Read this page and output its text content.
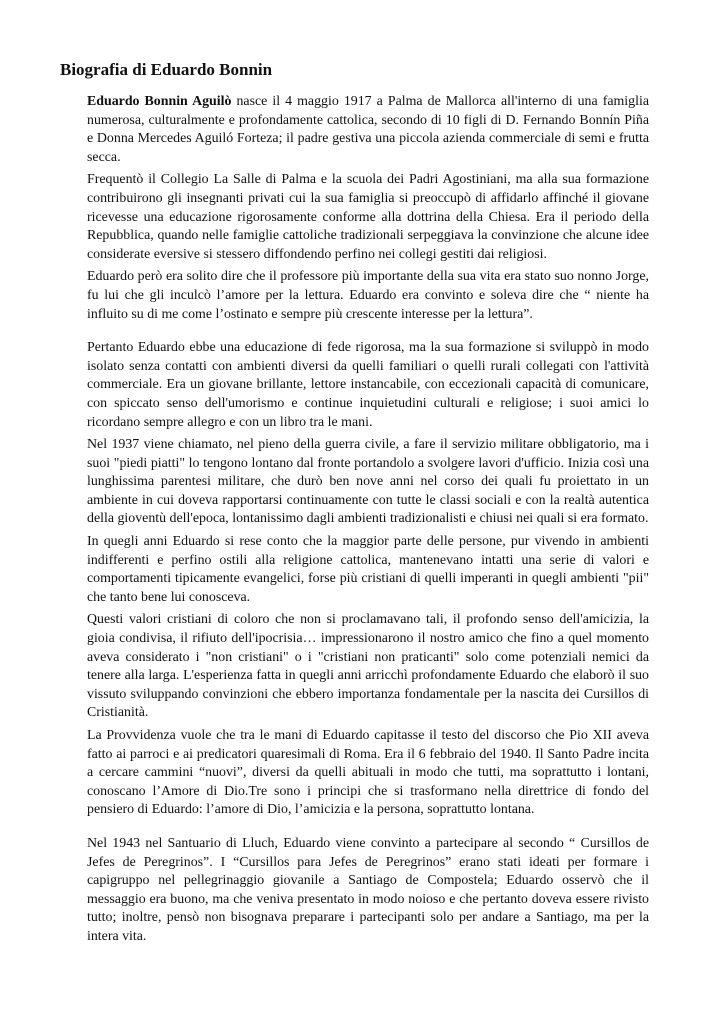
Biografia di Eduardo Bonnin

Eduardo Bonnin Aguilò nasce il 4 maggio 1917 a Palma de Mallorca all'interno di una famiglia numerosa, culturalmente e profondamente cattolica, secondo di 10 figli di D. Fernando Bonnín Piña e Donna Mercedes Aguiló Forteza; il padre gestiva una piccola azienda commerciale di semi e frutta secca.

Frequentò il Collegio La Salle di Palma e la scuola dei Padri Agostiniani, ma alla sua formazione contribuirono gli insegnanti privati cui la sua famiglia si preoccupò di affidarlo affinché il giovane ricevesse una educazione rigorosamente conforme alla dottrina della Chiesa. Era il periodo della Repubblica, quando nelle famiglie cattoliche tradizionali serpeggiava la convinzione che alcune idee considerate eversive si stessero diffondendo perfino nei collegi gestiti dai religiosi.

Eduardo però era solito dire che il professore più importante della sua vita era stato suo nonno Jorge, fu lui che gli inculcò l’amore per la lettura. Eduardo era convinto e soleva dire che “ niente ha influito su di me come l’ostinato e sempre più crescente interesse per la lettura”.

Pertanto Eduardo ebbe una educazione di fede rigorosa, ma la sua formazione si sviluppò in modo isolato senza contatti con ambienti diversi da quelli familiari o quelli rurali collegati con l'attività commerciale. Era un giovane brillante, lettore instancabile, con eccezionali capacità di comunicare, con spiccato senso dell'umorismo e continue inquietudini culturali e religiose; i suoi amici lo ricordano sempre allegro e con un libro tra le mani.

Nel 1937 viene chiamato, nel pieno della guerra civile, a fare il servizio militare obbligatorio, ma i suoi "piedi piatti" lo tengono lontano dal fronte portandolo a svolgere lavori d'ufficio. Inizia così una lunghissima parentesi militare, che durò ben nove anni nel corso dei quali fu proiettato in un ambiente in cui doveva rapportarsi continuamente con tutte le classi sociali e con la realtà autentica della gioventù dell'epoca, lontanissimo dagli ambienti tradizionalisti e chiusi nei quali si era formato.

In quegli anni Eduardo si rese conto che la maggior parte delle persone, pur vivendo in ambienti indifferenti e perfino ostili alla religione cattolica, mantenevano intatti una serie di valori e comportamenti tipicamente evangelici, forse più cristiani di quelli imperanti in quegli ambienti "pii" che tanto bene lui conosceva.

Questi valori cristiani di coloro che non si proclamavano tali, il profondo senso dell'amicizia, la gioia condivisa, il rifiuto dell'ipocrisia… impressionarono il nostro amico che fino a quel momento aveva considerato i "non cristiani" o i "cristiani non praticanti" solo come potenziali nemici da tenere alla larga. L'esperienza fatta in quegli anni arricchì profondamente Eduardo che elaborò il suo vissuto sviluppando convinzioni che ebbero importanza fondamentale per la nascita dei Cursillos di Cristianità.

La Provvidenza vuole che tra le mani di Eduardo capitasse il testo del discorso che Pio XII aveva fatto ai parroci e ai predicatori quaresimali di Roma. Era il 6 febbraio del 1940. Il Santo Padre incita a cercare cammini “nuovi”, diversi da quelli abituali in modo che tutti, ma soprattutto i lontani, conoscano l’Amore di Dio.Tre sono i principi che si trasformano nella direttrice di fondo del pensiero di Eduardo: l’amore di Dio, l’amicizia e la persona, soprattutto lontana.

Nel 1943 nel Santuario di Lluch, Eduardo viene convinto a partecipare al secondo “ Cursillos de Jefes de Peregrinos”. I “Cursillos para Jefes de Peregrinos” erano stati ideati per formare i capigruppo nel pellegrinaggio giovanile a Santiago de Compostela; Eduardo osservò che il messaggio era buono, ma che veniva presentato in modo noioso e che pertanto doveva essere rivisto tutto; inoltre, pensò non bisognava preparare i partecipanti solo per andare a Santiago, ma per la intera vita.
